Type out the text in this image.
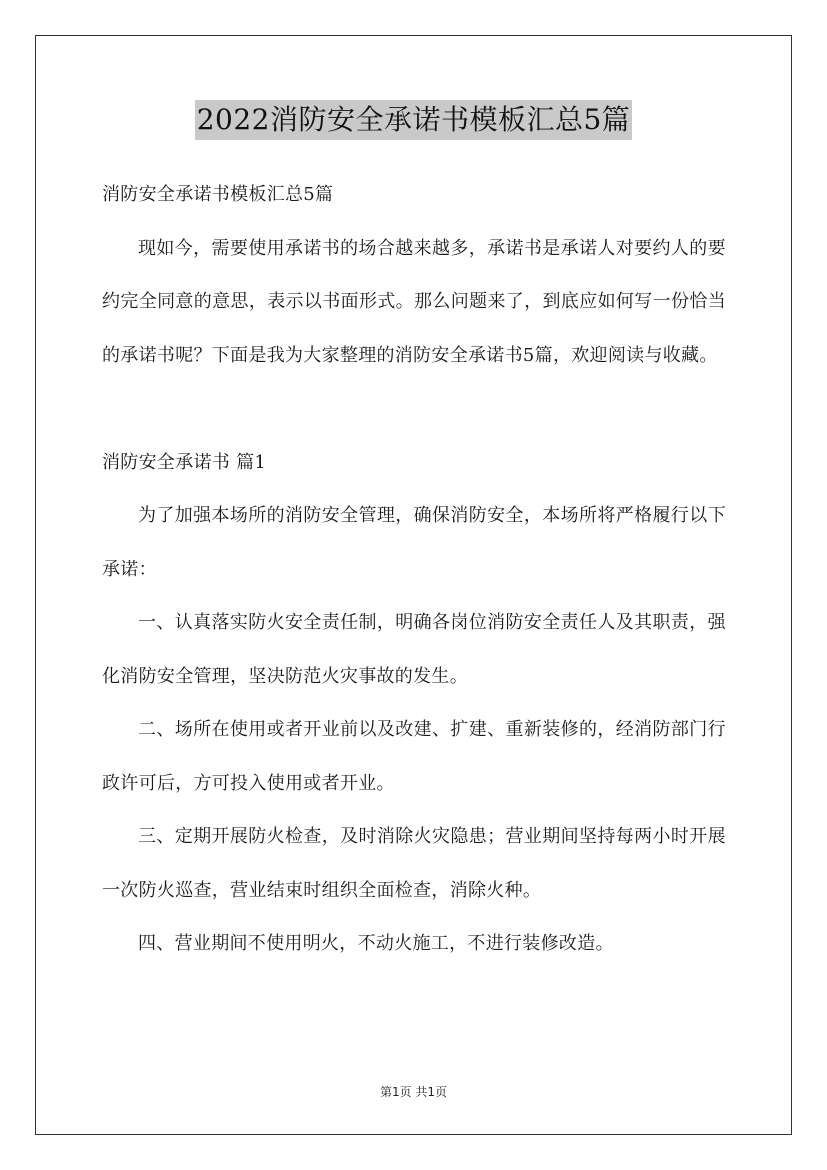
2022消防安全承诺书模板汇总5篇

消防安全承诺书模板汇总5篇

现如今，需要使用承诺书的场合越来越多，承诺书是承诺人对要约人的要约完全同意的意思，表示以书面形式。那么问题来了，到底应如何写一份恰当的承诺书呢？下面是我为大家整理的消防安全承诺书5篇，欢迎阅读与收藏。

消防安全承诺书 篇1

为了加强本场所的消防安全管理，确保消防安全，本场所将严格履行以下承诺：

一、认真落实防火安全责任制，明确各岗位消防安全责任人及其职责，强化消防安全管理，坚决防范火灾事故的发生。

二、场所在使用或者开业前以及改建、扩建、重新装修的，经消防部门行政许可后，方可投入使用或者开业。

三、定期开展防火检查，及时消除火灾隐患；营业期间坚持每两小时开展一次防火巡查，营业结束时组织全面检查，消除火种。

四、营业期间不使用明火，不动火施工，不进行装修改造。

第1页 共1页
